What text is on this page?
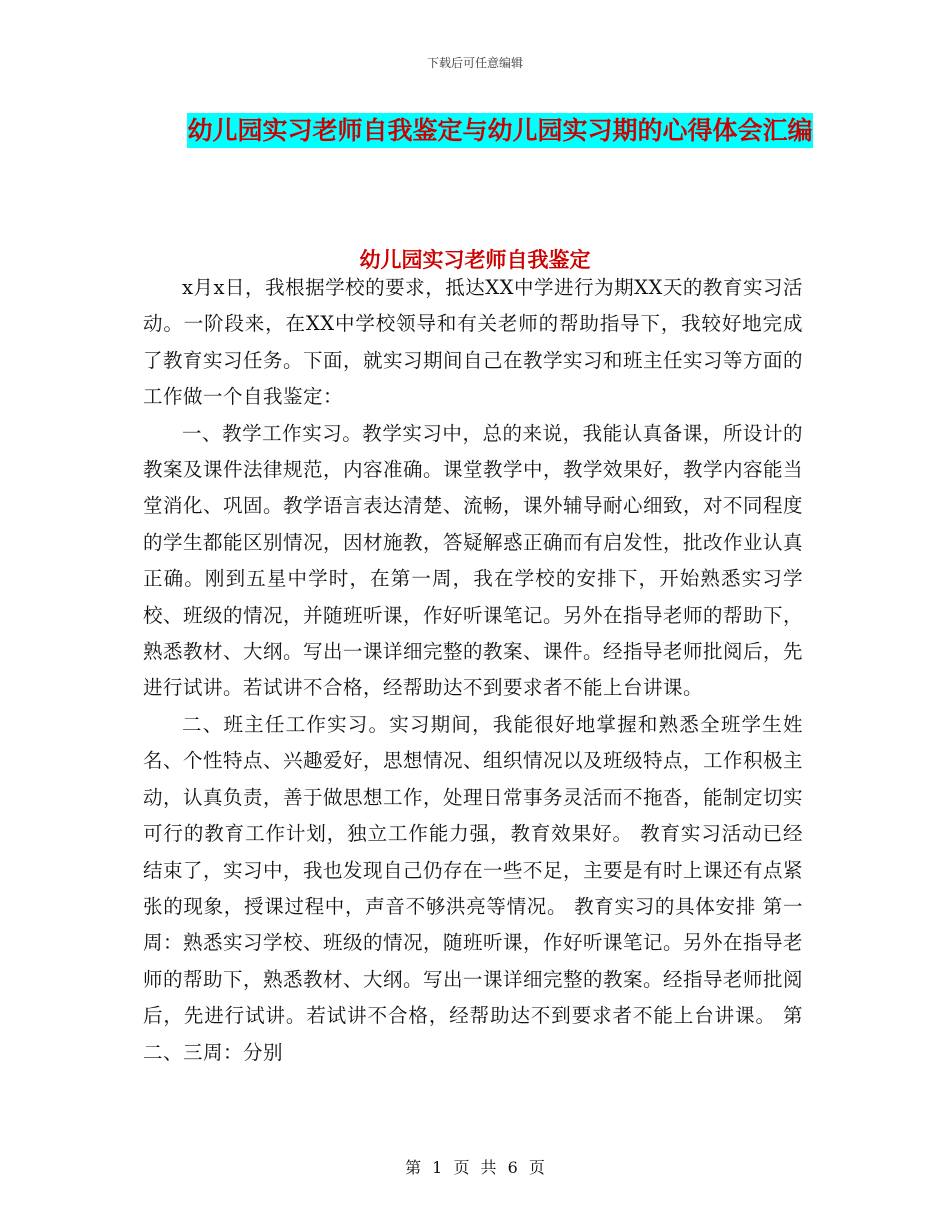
下载后可任意编辑
幼儿园实习老师自我鉴定与幼儿园实习期的心得体会汇编
幼儿园实习老师自我鉴定

x月x日，我根据学校的要求，抵达XX中学进行为期XX天的教育实习活动。一阶段来，在XX中学校领导和有关老师的帮助指导下，我较好地完成了教育实习任务。下面，就实习期间自己在教学实习和班主任实习等方面的工作做一个自我鉴定：

一、教学工作实习。教学实习中，总的来说，我能认真备课，所设计的教案及课件法律规范，内容准确。课堂教学中，教学效果好，教学内容能当堂消化、巩固。教学语言表达清楚、流畅，课外辅导耐心细致，对不同程度的学生都能区别情况，因材施教，答疑解惑正确而有启发性，批改作业认真正确。刚到五星中学时，在第一周，我在学校的安排下，开始熟悉实习学校、班级的情况，并随班听课，作好听课笔记。另外在指导老师的帮助下，熟悉教材、大纲。写出一课详细完整的教案、课件。经指导老师批阅后，先进行试讲。若试讲不合格，经帮助达不到要求者不能上台讲课。

二、班主任工作实习。实习期间，我能很好地掌握和熟悉全班学生姓名、个性特点、兴趣爱好，思想情况、组织情况以及班级特点，工作积极主动，认真负责，善于做思想工作，处理日常事务灵活而不拖沓，能制定切实可行的教育工作计划，独立工作能力强，教育效果好。 教育实习活动已经结束了，实习中，我也发现自己仍存在一些不足，主要是有时上课还有点紧张的现象，授课过程中，声音不够洪亮等情况。 教育实习的具体安排 第一周：熟悉实习学校、班级的情况，随班听课，作好听课笔记。另外在指导老师的帮助下，熟悉教材、大纲。写出一课详细完整的教案。经指导老师批阅后，先进行试讲。若试讲不合格，经帮助达不到要求者不能上台讲课。 第二、三周：分别

第 1 页 共 6 页
